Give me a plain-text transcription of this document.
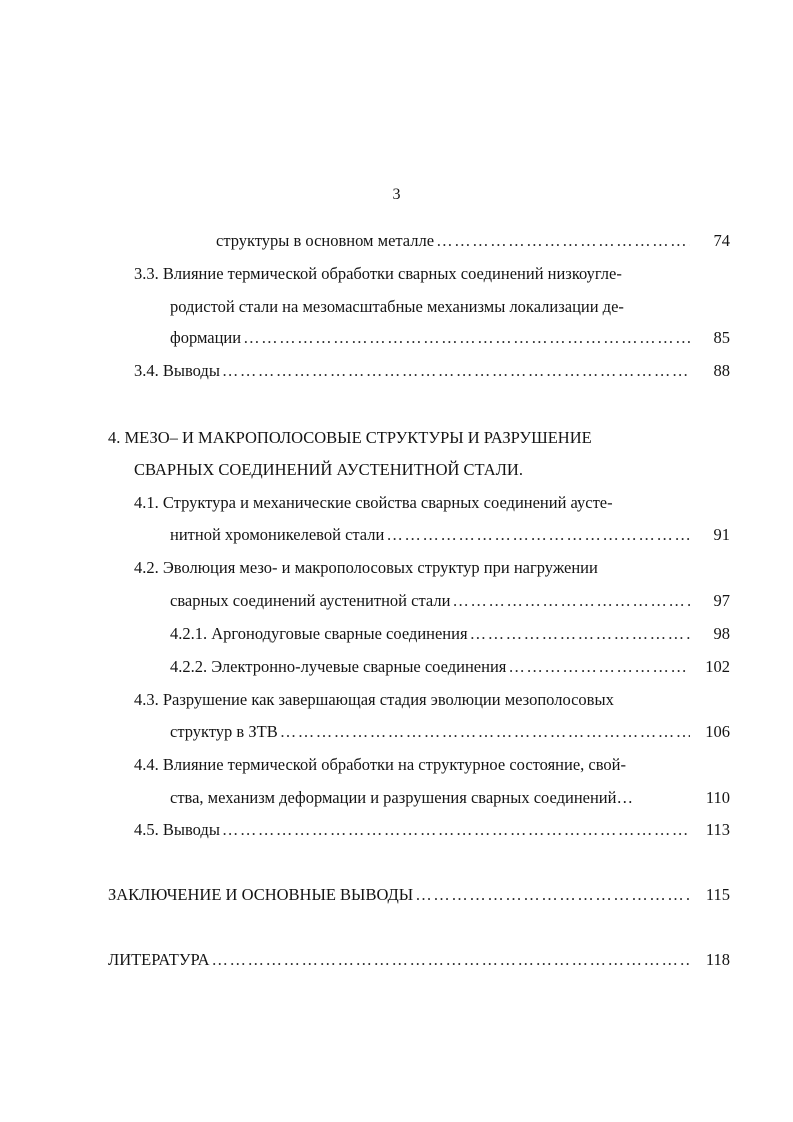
3
структуры в основном металле …………………………………………………………………………………………………………………………………………………………………………	74
3.3. Влияние термической обработки сварных соединений низкоугле-
родистой стали на мезомасштабные механизмы локализации де-
формации …………………………………………………………………………………………………………………………………………………………………………	85
3.4. Выводы …………………………………………………………………………………………………………………………………………………………………………	88
4. МЕЗО– И МАКРОПОЛОСОВЫЕ СТРУКТУРЫ И РАЗРУШЕНИЕ
СВАРНЫХ СОЕДИНЕНИЙ АУСТЕНИТНОЙ СТАЛИ.
4.1. Структура и механические свойства сварных соединений аусте-
нитной хромоникелевой стали …………………………………………………………………………………………………………………………………………………………………………	91
4.2. Эволюция мезо- и макрополосовых структур при нагружении
сварных соединений аустенитной стали …………………………………………………………………………………………………………………………………………………………………………	97
4.2.1. Аргонодуговые сварные соединения …………………………………………………………………………………………………………………………………………………………………………	98
4.2.2. Электронно-лучевые сварные соединения …………………………………………………………………………………………………………………………………………………………………………	102
4.3. Разрушение как завершающая стадия эволюции мезополосовых
структур в ЗТВ …………………………………………………………………………………………………………………………………………………………………………	106
4.4. Влияние термической обработки на структурное состояние, свой-
ства, механизм деформации и разрушения сварных соединений…	110
4.5. Выводы …………………………………………………………………………………………………………………………………………………………………………	113
ЗАКЛЮЧЕНИЕ И ОСНОВНЫЕ ВЫВОДЫ …………………………………………………………………………………………………………………………………………………………………………	115
ЛИТЕРАТУРА …………………………………………………………………………………………………………………………………………………………………………	118
